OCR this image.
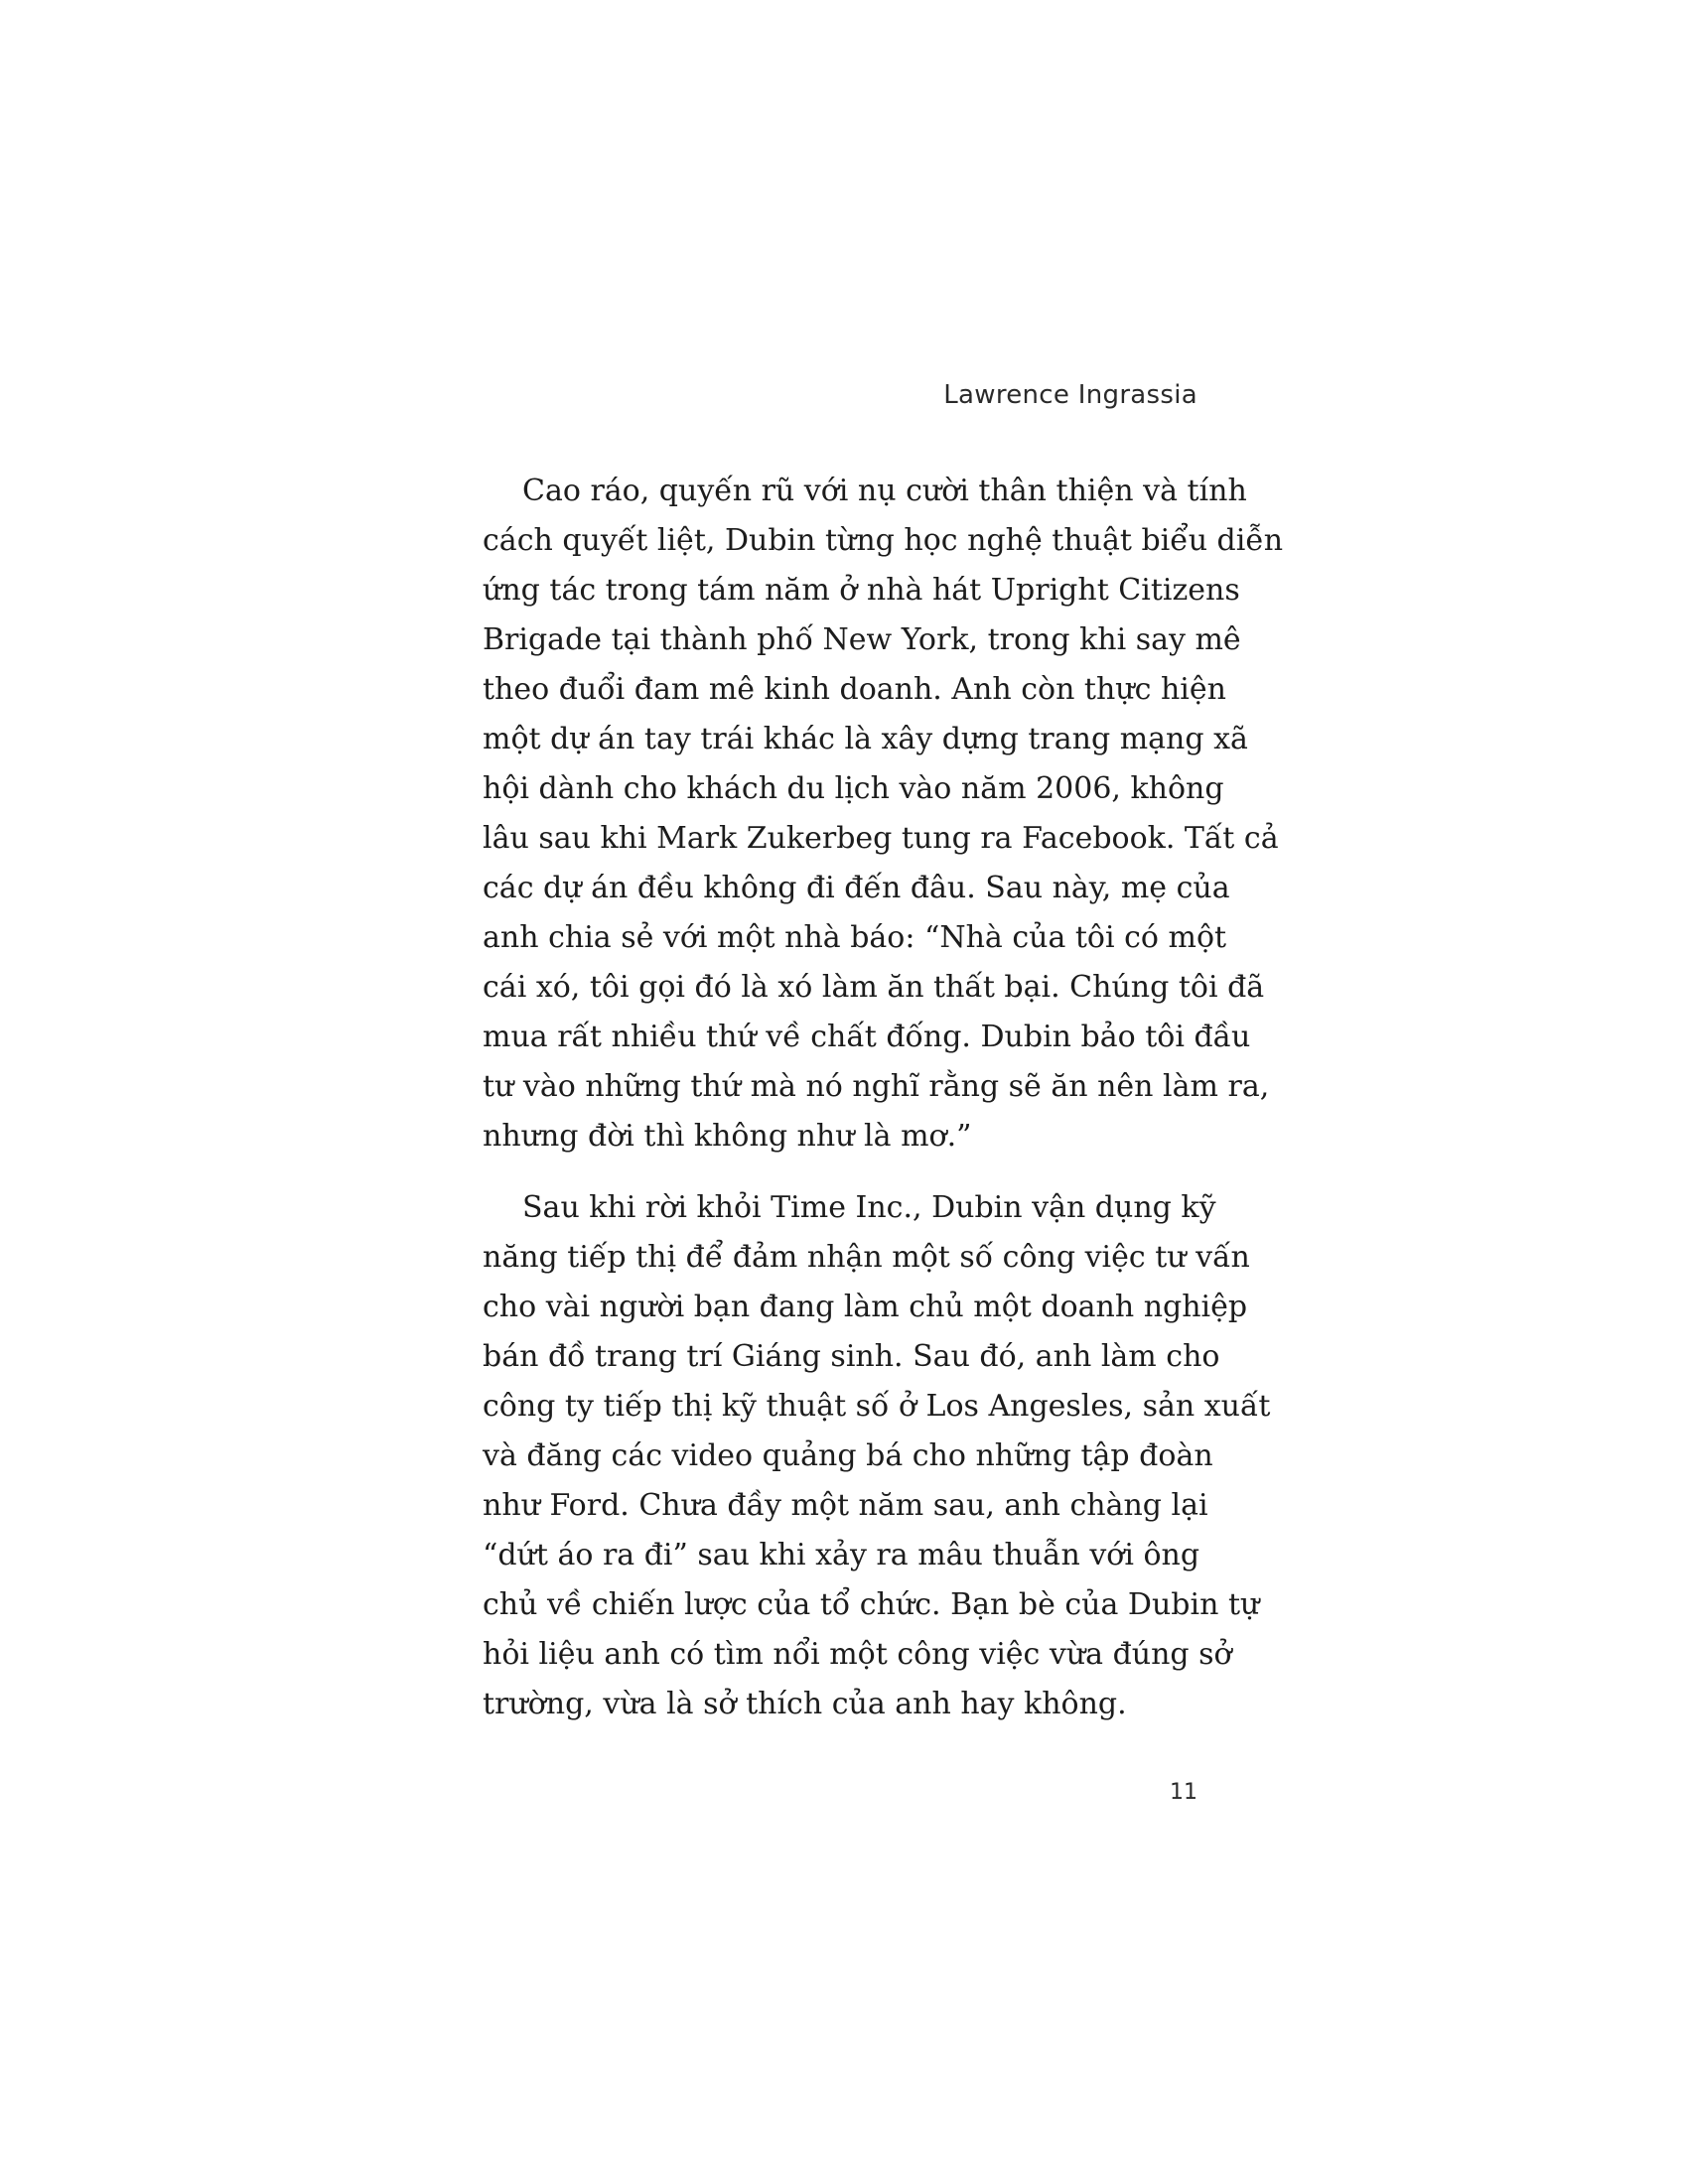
Lawrence Ingrassia
Cao ráo, quyến rũ với nụ cười thân thiện và tính
cách quyết liệt, Dubin từng học nghệ thuật biểu diễn
ứng tác trong tám năm ở nhà hát Upright Citizens
Brigade tại thành phố New York, trong khi say mê
theo đuổi đam mê kinh doanh. Anh còn thực hiện
một dự án tay trái khác là xây dựng trang mạng xã
hội dành cho khách du lịch vào năm 2006, không
lâu sau khi Mark Zukerbeg tung ra Facebook. Tất cả
các dự án đều không đi đến đâu. Sau này, mẹ của
anh chia sẻ với một nhà báo: “Nhà của tôi có một
cái xó, tôi gọi đó là xó làm ăn thất bại. Chúng tôi đã
mua rất nhiều thứ về chất đống. Dubin bảo tôi đầu
tư vào những thứ mà nó nghĩ rằng sẽ ăn nên làm ra,
nhưng đời thì không như là mơ.”
Sau khi rời khỏi Time Inc., Dubin vận dụng kỹ
năng tiếp thị để đảm nhận một số công việc tư vấn
cho vài người bạn đang làm chủ một doanh nghiệp
bán đồ trang trí Giáng sinh. Sau đó, anh làm cho
công ty tiếp thị kỹ thuật số ở Los Angesles, sản xuất
và đăng các video quảng bá cho những tập đoàn
như Ford. Chưa đầy một năm sau, anh chàng lại
“dứt áo ra đi” sau khi xảy ra mâu thuẫn với ông
chủ về chiến lược của tổ chức. Bạn bè của Dubin tự
hỏi liệu anh có tìm nổi một công việc vừa đúng sở
trường, vừa là sở thích của anh hay không.
11
